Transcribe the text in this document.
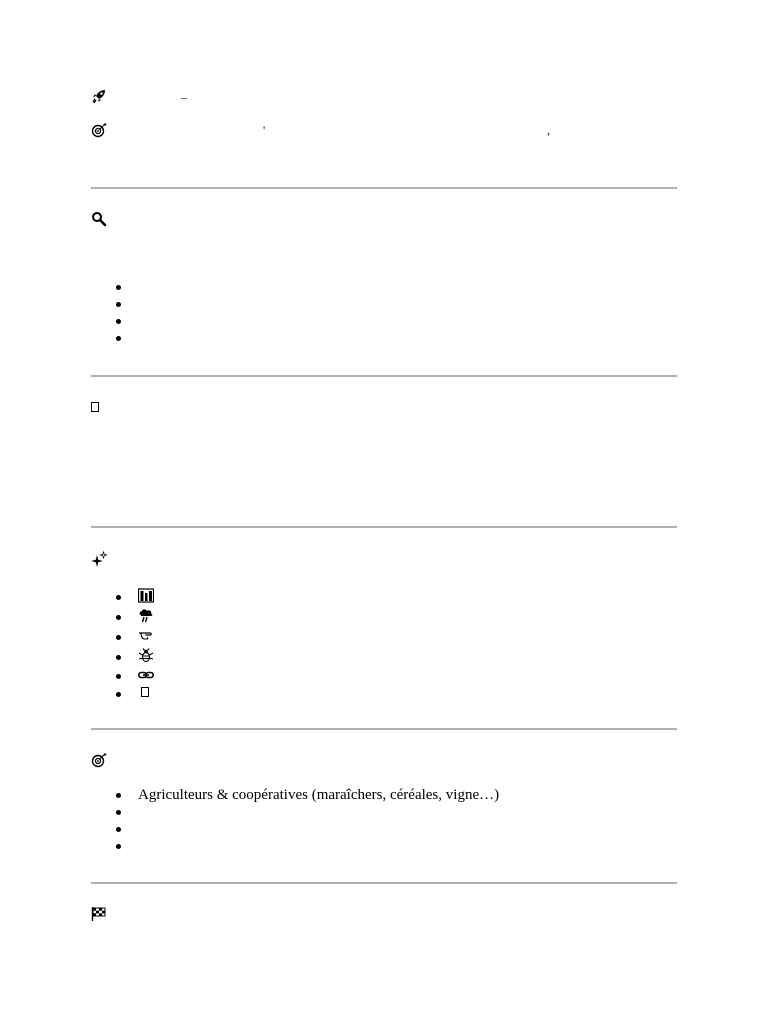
–
'	,
Agriculteurs & coopératives (maraîchers, céréales, vigne…)
